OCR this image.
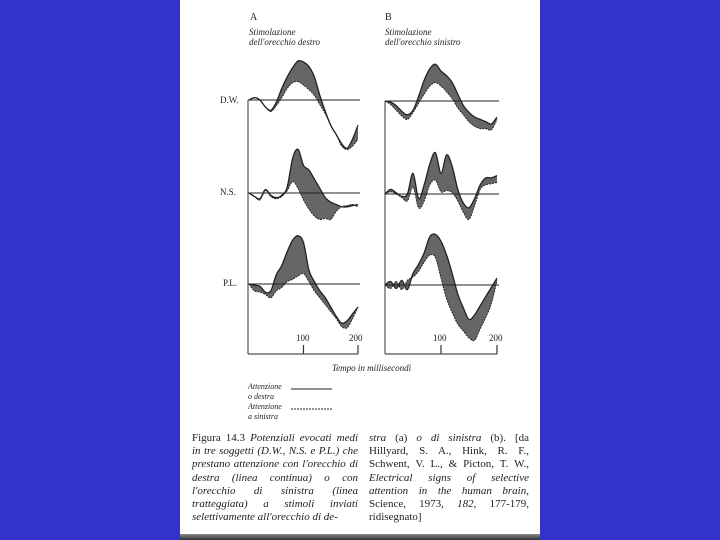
A
Stimolazione
dell'orecchio destro
B
Stimolazione
dell'orecchio sinistro
D.W.
N.S.
P.L.
100	200	100	200
Tempo in millisecondi
Attenzione
o destra
Attenzione
a sinistra
Figura 14.3 Potenziali evocati medi in tre soggetti (D.W., N.S. e P.L.) che prestano attenzione con l'orecchio di destra (linea continua) o con l'orecchio di sinistra (linea tratteggiata) a stimoli inviati selettivamente all'orecchio di de-
stra (a) o di sinistra (b). [da Hillyard, S. A., Hink, R. F., Schwent, V. L., & Picton, T. W., Electrical signs of selective attention in the human brain, Science, 1973, 182, 177-179, ridisegnato]
